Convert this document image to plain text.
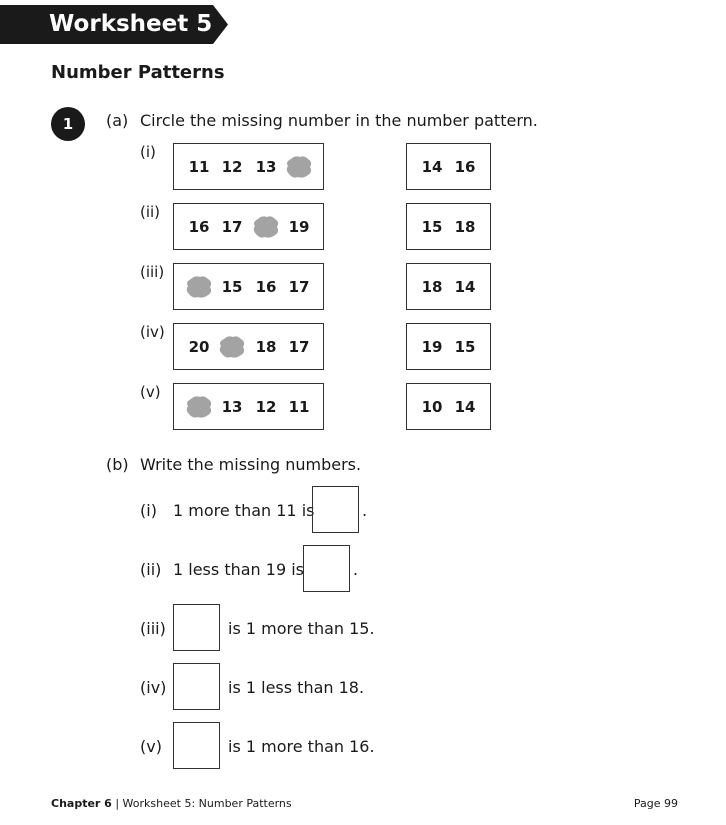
Worksheet 5
Number Patterns
1	(a) Circle the missing number in the number pattern.
(i)
11 12 13	14 16
(ii)
16 17	19	15 18
(iii)
15 16 17	18 14
(iv)
20	18 17	19 15
(v)
13 12 11	10 14
(b) Write the missing numbers.
(i) 1 more than 11 is	.
(ii) 1 less than 19 is	.
(iii)	is 1 more than 15.
(iv)	is 1 less than 18.
(v)	is 1 more than 16.
Chapter 6 | Worksheet 5: Number Patterns	Page 99
